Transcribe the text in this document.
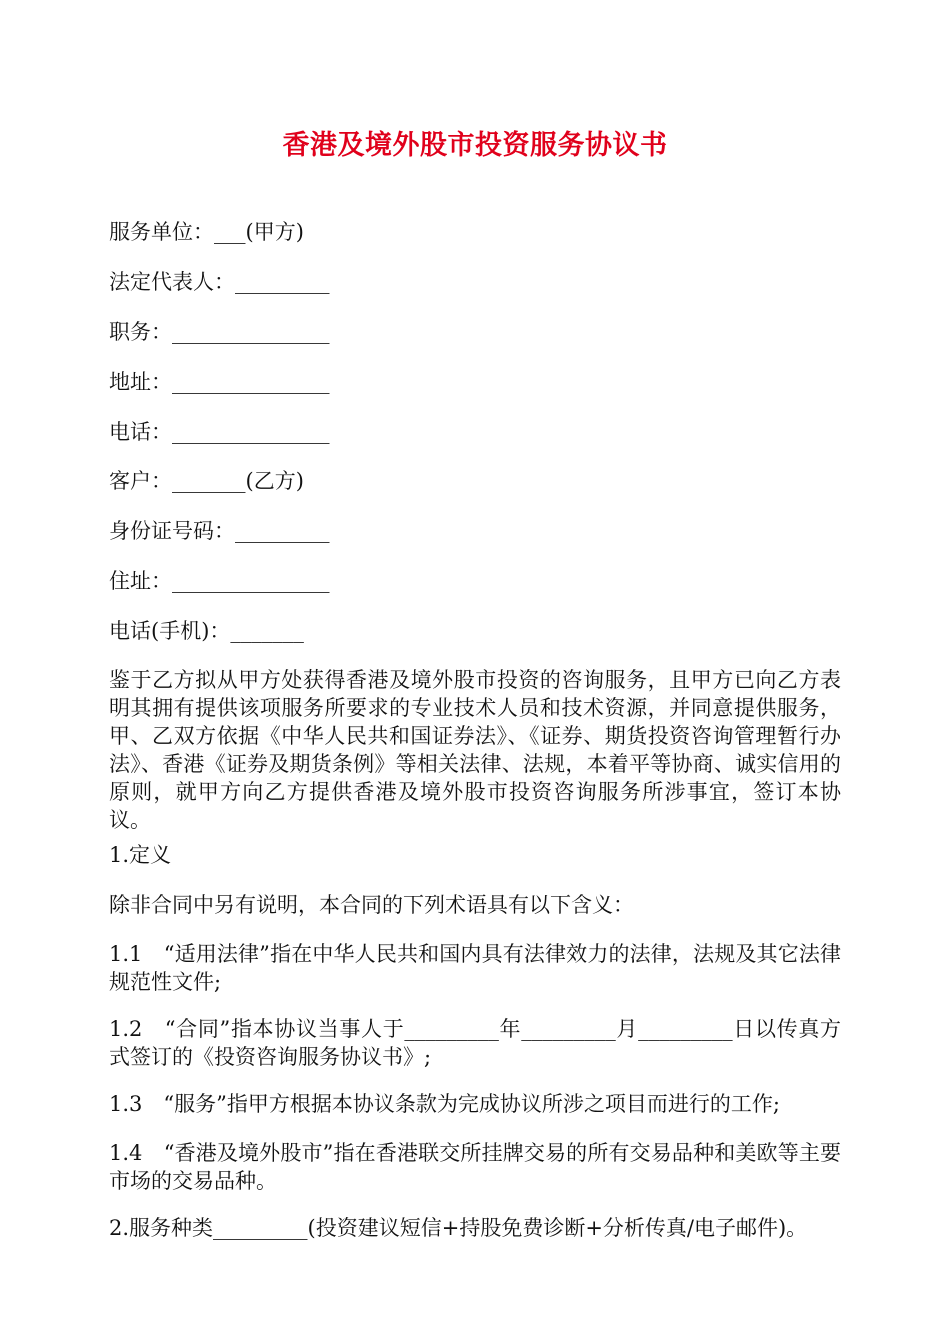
香港及境外股市投资服务协议书
服务单位：___(甲方)
法定代表人：_________
职务：_______________
地址：_______________
电话：_______________
客户：_______(乙方)
身份证号码：_________
住址：_______________
电话(手机)：_______
鉴于乙方拟从甲方处获得香港及境外股市投资的咨询服务，且甲方已向乙方表明其拥有提供该项服务所要求的专业技术人员和技术资源，并同意提供服务，甲、乙双方依据《中华人民共和国证券法》、《证券、期货投资咨询管理暂行办法》、香港《证券及期货条例》等相关法律、法规，本着平等协商、诚实信用的原则，就甲方向乙方提供香港及境外股市投资咨询服务所涉事宜，签订本协议。
1.定义
除非合同中另有说明，本合同的下列术语具有以下含义：
1.1　“适用法律”指在中华人民共和国内具有法律效力的法律，法规及其它法律规范性文件;
1.2　“合同”指本协议当事人于_________年_________月_________日以传真方式签订的《投资咨询服务协议书》;
1.3　“服务”指甲方根据本协议条款为完成协议所涉之项目而进行的工作;
1.4　“香港及境外股市”指在香港联交所挂牌交易的所有交易品种和美欧等主要市场的交易品种。
2.服务种类_________(投资建议短信+持股免费诊断+分析传真/电子邮件)。
